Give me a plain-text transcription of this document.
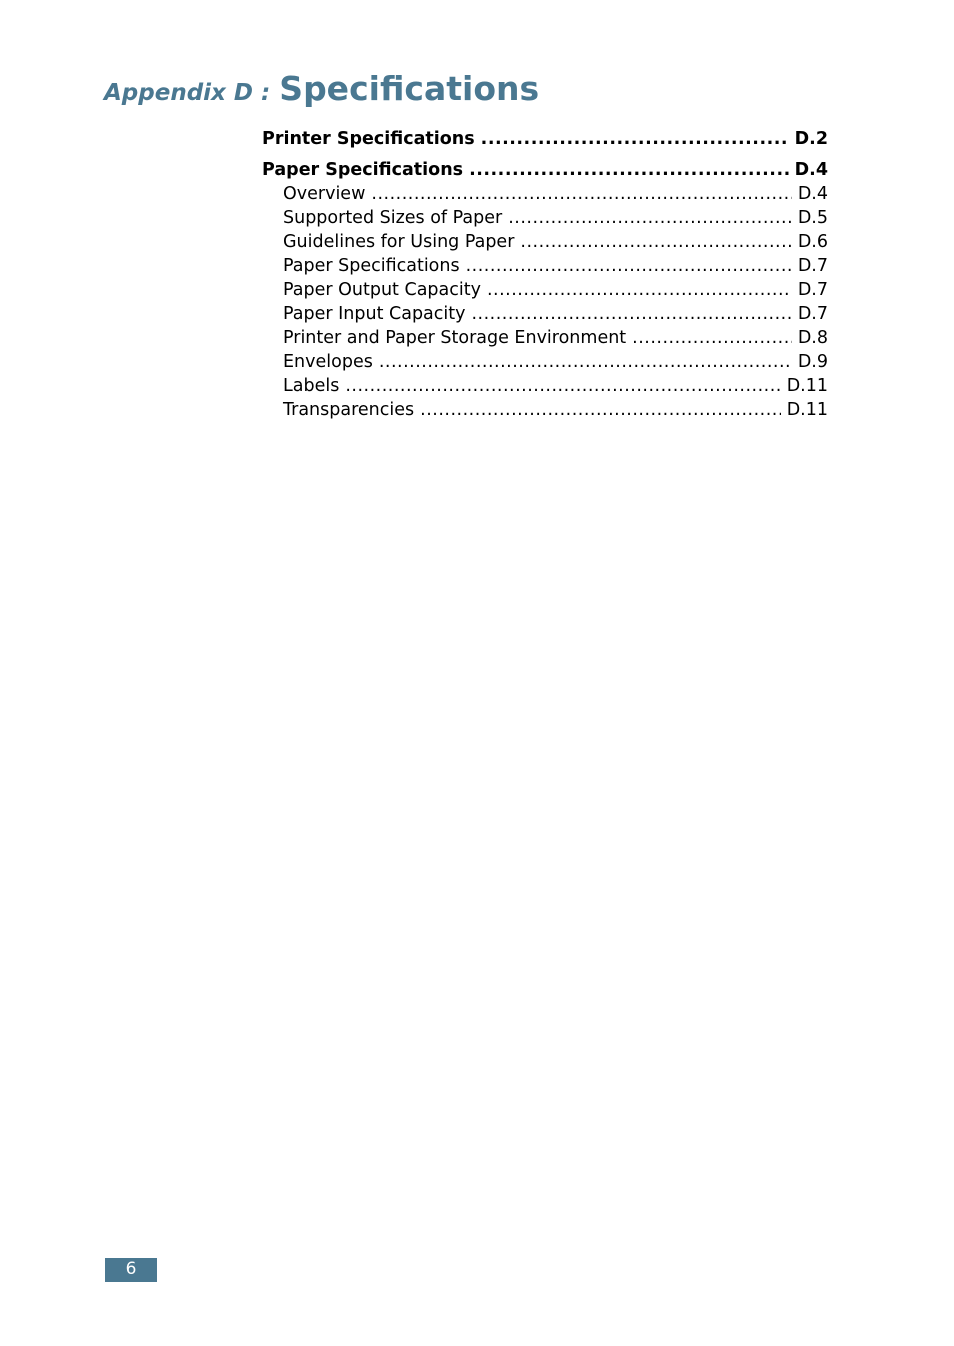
Appendix D : Specifications
Printer Specifications .....	D.2
Paper Specifications .....	D.4
Overview .....	D.4
Supported Sizes of Paper .....	D.5
Guidelines for Using Paper .....	D.6
Paper Specifications .....	D.7
Paper Output Capacity .....	D.7
Paper Input Capacity .....	D.7
Printer and Paper Storage Environment .....	D.8
Envelopes .....	D.9
Labels .....	D.11
Transparencies .....	D.11
6
